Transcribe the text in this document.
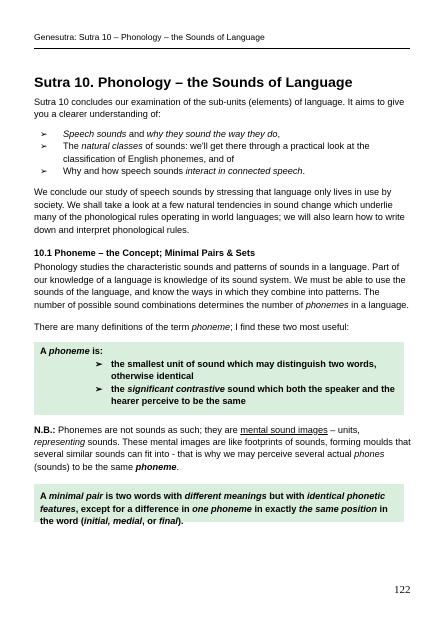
Genesutra: Sutra 10 – Phonology – the Sounds of Language
Sutra 10. Phonology – the Sounds of Language

Sutra 10 concludes our examination of the sub-units (elements) of language. It aims to give you a clearer understanding of:

➢ Speech sounds and why they sound the way they do,
➢ The natural classes of sounds: we'll get there through a practical look at the classification of English phonemes, and of
➢ Why and how speech sounds interact in connected speech.

We conclude our study of speech sounds by stressing that language only lives in use by society. We shall take a look at a few natural tendencies in sound change which underlie many of the phonological rules operating in world languages; we will also learn how to write down and interpret phonological rules.

10.1 Phoneme – the Concept; Minimal Pairs & Sets

Phonology studies the characteristic sounds and patterns of sounds in a language. Part of our knowledge of a language is knowledge of its sound system. We must be able to use the sounds of the language, and know the ways in which they combine into patterns. The number of possible sound combinations determines the number of phonemes in a language.

There are many definitions of the term phoneme; I find these two most useful:

A phoneme is:

➢ the smallest unit of sound which may distinguish two words, otherwise identical
➢ the significant contrastive sound which both the speaker and the hearer perceive to be the same

N.B.: Phonemes are not sounds as such; they are mental sound images – units, representing sounds. These mental images are like footprints of sounds, forming moulds that several similar sounds can fit into - that is why we may perceive several actual phones (sounds) to be the same phoneme.

A minimal pair is two words with different meanings but with identical phonetic features, except for a difference in one phoneme in exactly the same position in the word (initial, medial, or final).

122
